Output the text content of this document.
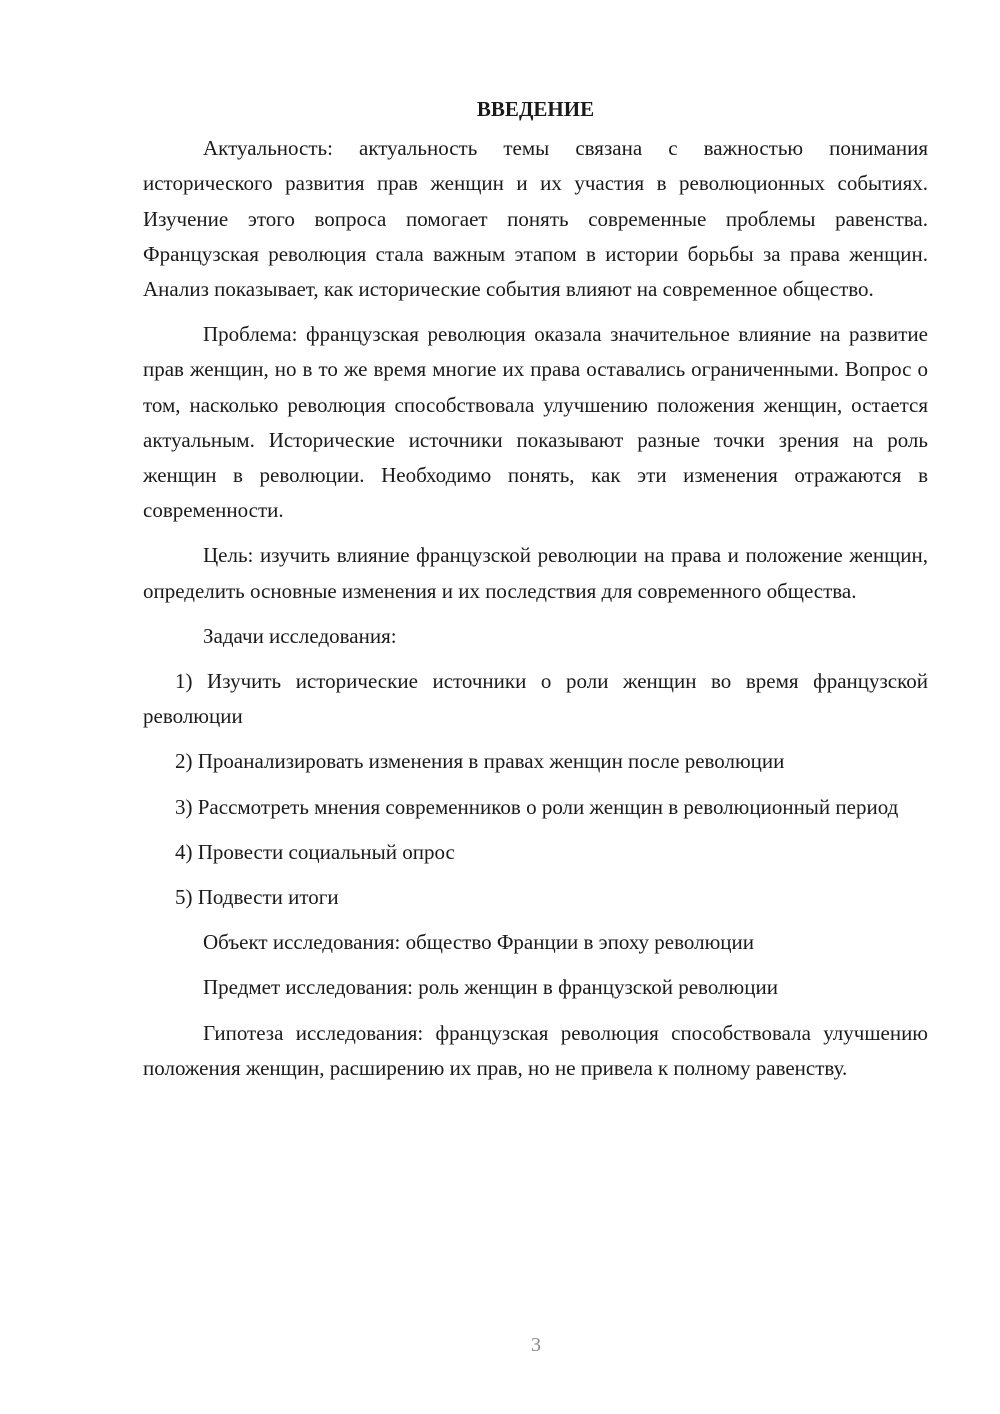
ВВЕДЕНИЕ

Актуальность: актуальность темы связана с важностью понимания исторического развития прав женщин и их участия в революционных событиях. Изучение этого вопроса помогает понять современные проблемы равенства. Французская революция стала важным этапом в истории борьбы за права женщин. Анализ показывает, как исторические события влияют на современное общество.

Проблема: французская революция оказала значительное влияние на развитие прав женщин, но в то же время многие их права оставались ограниченными. Вопрос о том, насколько революция способствовала улучшению положения женщин, остается актуальным. Исторические источники показывают разные точки зрения на роль женщин в революции. Необходимо понять, как эти изменения отражаются в современности.

Цель: изучить влияние французской революции на права и положение женщин, определить основные изменения и их последствия для современного общества.

Задачи исследования:

1) Изучить исторические источники о роли женщин во время французской революции

2) Проанализировать изменения в правах женщин после революции

3) Рассмотреть мнения современников о роли женщин в революционный период

4) Провести социальный опрос

5) Подвести итоги

Объект исследования: общество Франции в эпоху революции

Предмет исследования: роль женщин в французской революции

Гипотеза исследования: французская революция способствовала улучшению положения женщин, расширению их прав, но не привела к полному равенству.

3
